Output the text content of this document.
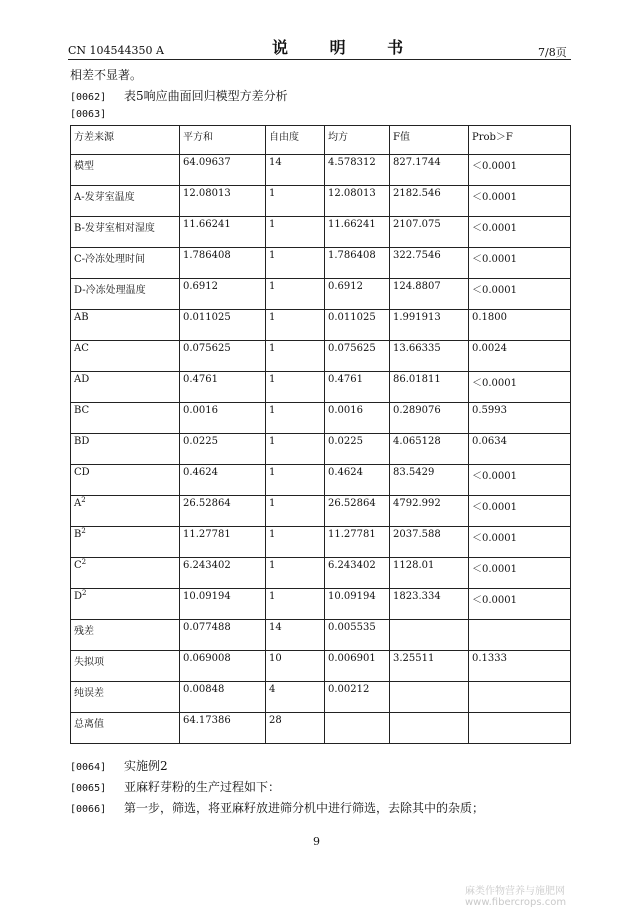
CN 104544350 A	说 明 书	7/8页
相差不显著。
[0062] 表5响应曲面回归模型方差分析
[0063]
方差来源	平方和	自由度	均方	F值	Prob＞F
模型	64.09637	14	4.578312	827.1744	＜0.0001
A-发芽室温度	12.08013	1	12.08013	2182.546	＜0.0001
B-发芽室相对湿度	11.66241	1	11.66241	2107.075	＜0.0001
C-冷冻处理时间	1.786408	1	1.786408	322.7546	＜0.0001
D-冷冻处理温度	0.6912	1	0.6912	124.8807	＜0.0001
AB	0.011025	1	0.011025	1.991913	0.1800
AC	0.075625	1	0.075625	13.66335	0.0024
AD	0.4761	1	0.4761	86.01811	＜0.0001
BC	0.0016	1	0.0016	0.289076	0.5993
BD	0.0225	1	0.0225	4.065128	0.0634
CD	0.4624	1	0.4624	83.5429	＜0.0001
$A^2$	26.52864	1	26.52864	4792.992	＜0.0001
$B^2$	11.27781	1	11.27781	2037.588	＜0.0001
$C^2$	6.243402	1	6.243402	1128.01	＜0.0001
$D^2$	10.09194	1	10.09194	1823.334	＜0.0001
残差	0.077488	14	0.005535		
失拟项	0.069008	10	0.006901	3.25511	0.1333
纯误差	0.00848	4	0.00212		
总离值	64.17386	28			
[0064] 实施例2
[0065] 亚麻籽芽粉的生产过程如下：
[0066] 第一步，筛选，将亚麻籽放进筛分机中进行筛选，去除其中的杂质；
9
麻类作物营养与施肥网 www.fibercrops.com
